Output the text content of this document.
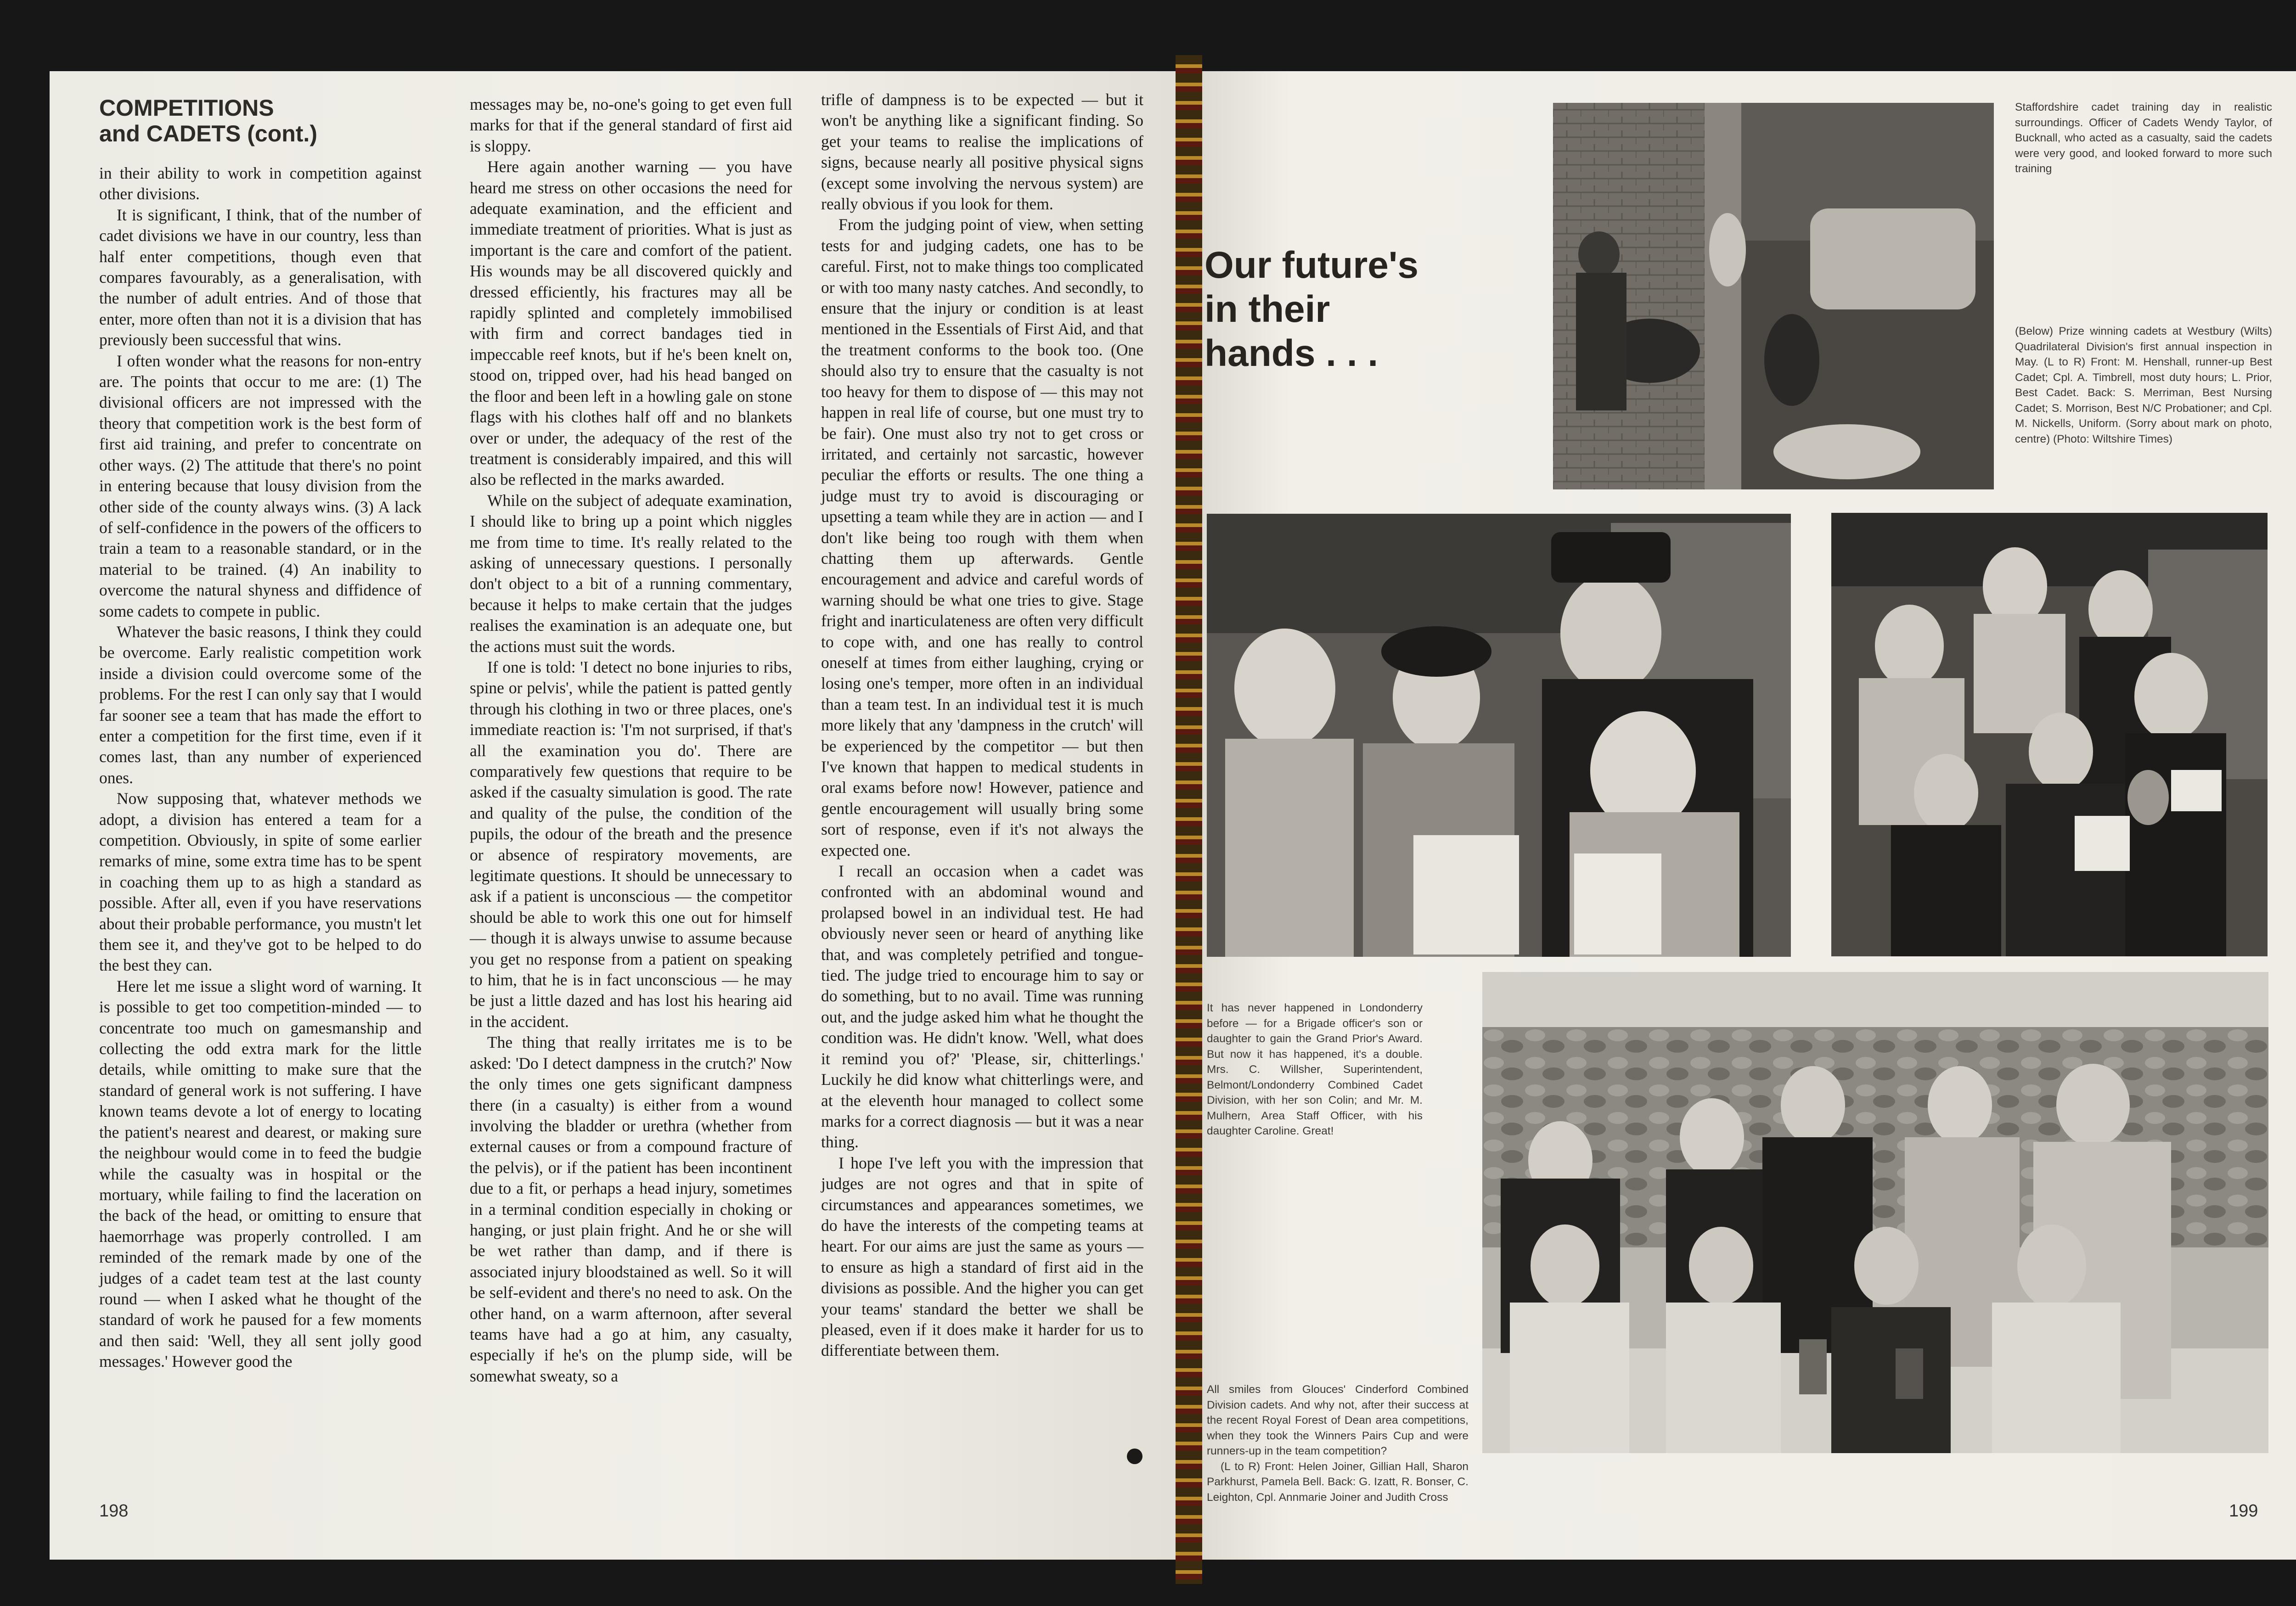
COMPETITIONS
and CADETS (cont.)

in their ability to work in competition against other divisions.

It is significant, I think, that of the number of cadet divisions we have in our country, less than half enter competitions, though even that compares favourably, as a generalisation, with the number of adult entries. And of those that enter, more often than not it is a division that has previously been successful that wins.

I often wonder what the reasons for non-entry are. The points that occur to me are: (1) The divisional officers are not impressed with the theory that competition work is the best form of first aid training, and prefer to concentrate on other ways. (2) The attitude that there's no point in entering because that lousy division from the other side of the county always wins. (3) A lack of self-confidence in the powers of the officers to train a team to a reasonable standard, or in the material to be trained. (4) An inability to overcome the natural shyness and diffidence of some cadets to compete in public.

Whatever the basic reasons, I think they could be overcome. Early realistic competition work inside a division could overcome some of the problems. For the rest I can only say that I would far sooner see a team that has made the effort to enter a competition for the first time, even if it comes last, than any number of experienced ones.

Now supposing that, whatever methods we adopt, a division has entered a team for a competition. Obviously, in spite of some earlier remarks of mine, some extra time has to be spent in coaching them up to as high a standard as possible. After all, even if you have reservations about their probable performance, you mustn't let them see it, and they've got to be helped to do the best they can.

Here let me issue a slight word of warning. It is possible to get too competition-minded — to concentrate too much on gamesmanship and collecting the odd extra mark for the little details, while omitting to make sure that the standard of general work is not suffering. I have known teams devote a lot of energy to locating the patient's nearest and dearest, or making sure the neighbour would come in to feed the budgie while the casualty was in hospital or the mortuary, while failing to find the laceration on the back of the head, or omitting to ensure that haemorrhage was properly controlled. I am reminded of the remark made by one of the judges of a cadet team test at the last county round — when I asked what he thought of the standard of work he paused for a few moments and then said: 'Well, they all sent jolly good messages.' However good the

messages may be, no-one's going to get even full marks for that if the general standard of first aid is sloppy.

Here again another warning — you have heard me stress on other occasions the need for adequate examination, and the efficient and immediate treatment of priorities. What is just as important is the care and comfort of the patient. His wounds may be all discovered quickly and dressed efficiently, his fractures may all be rapidly splinted and completely immobilised with firm and correct bandages tied in impeccable reef knots, but if he's been knelt on, stood on, tripped over, had his head banged on the floor and been left in a howling gale on stone flags with his clothes half off and no blankets over or under, the adequacy of the rest of the treatment is considerably impaired, and this will also be reflected in the marks awarded.

While on the subject of adequate examination, I should like to bring up a point which niggles me from time to time. It's really related to the asking of unnecessary questions. I personally don't object to a bit of a running commentary, because it helps to make certain that the judges realises the examination is an adequate one, but the actions must suit the words.

If one is told: 'I detect no bone injuries to ribs, spine or pelvis', while the patient is patted gently through his clothing in two or three places, one's immediate reaction is: 'I'm not surprised, if that's all the examination you do'. There are comparatively few questions that require to be asked if the casualty simulation is good. The rate and quality of the pulse, the condition of the pupils, the odour of the breath and the presence or absence of respiratory movements, are legitimate questions. It should be unnecessary to ask if a patient is unconscious — the competitor should be able to work this one out for himself — though it is always unwise to assume because you get no response from a patient on speaking to him, that he is in fact unconscious — he may be just a little dazed and has lost his hearing aid in the accident.

The thing that really irritates me is to be asked: 'Do I detect dampness in the crutch?' Now the only times one gets significant dampness there (in a casualty) is either from a wound involving the bladder or urethra (whether from external causes or from a compound fracture of the pelvis), or if the patient has been incontinent due to a fit, or perhaps a head injury, sometimes in a terminal condition especially in choking or hanging, or just plain fright. And he or she will be wet rather than damp, and if there is associated injury bloodstained as well. So it will be self-evident and there's no need to ask. On the other hand, on a warm afternoon, after several teams have had a go at him, any casualty, especially if he's on the plump side, will be somewhat sweaty, so a

trifle of dampness is to be expected — but it won't be anything like a significant finding. So get your teams to realise the implications of signs, because nearly all positive physical signs (except some involving the nervous system) are really obvious if you look for them.

From the judging point of view, when setting tests for and judging cadets, one has to be careful. First, not to make things too complicated or with too many nasty catches. And secondly, to ensure that the injury or condition is at least mentioned in the Essentials of First Aid, and that the treatment conforms to the book too. (One should also try to ensure that the casualty is not too heavy for them to dispose of — this may not happen in real life of course, but one must try to be fair). One must also try not to get cross or irritated, and certainly not sarcastic, however peculiar the efforts or results. The one thing a judge must try to avoid is discouraging or upsetting a team while they are in action — and I don't like being too rough with them when chatting them up afterwards. Gentle encouragement and advice and careful words of warning should be what one tries to give. Stage fright and inarticulateness are often very difficult to cope with, and one has really to control oneself at times from either laughing, crying or losing one's temper, more often in an individual than a team test. In an individual test it is much more likely that any 'dampness in the crutch' will be experienced by the competitor — but then I've known that happen to medical students in oral exams before now! However, patience and gentle encouragement will usually bring some sort of response, even if it's not always the expected one.

I recall an occasion when a cadet was confronted with an abdominal wound and prolapsed bowel in an individual test. He had obviously never seen or heard of anything like that, and was completely petrified and tongue-tied. The judge tried to encourage him to say or do something, but to no avail. Time was running out, and the judge asked him what he thought the condition was. He didn't know. 'Well, what does it remind you of?' 'Please, sir, chitterlings.' Luckily he did know what chitterlings were, and at the eleventh hour managed to collect some marks for a correct diagnosis — but it was a near thing.

I hope I've left you with the impression that judges are not ogres and that in spite of circumstances and appearances sometimes, we do have the interests of the competing teams at heart. For our aims are just the same as yours — to ensure as high a standard of first aid in the divisions as possible. And the higher you can get your teams' standard the better we shall be pleased, even if it does make it harder for us to differentiate between them.

198
Our future's
in their
hands . . .
Staffordshire cadet training day in realistic surroundings. Officer of Cadets Wendy Taylor, of Bucknall, who acted as a casualty, said the cadets were very good, and looked forward to more such training
(Below) Prize winning cadets at Westbury (Wilts) Quadrilateral Division's first annual inspection in May. (L to R) Front: M. Henshall, runner-up Best Cadet; Cpl. A. Timbrell, most duty hours; L. Prior, Best Cadet. Back: S. Merriman, Best Nursing Cadet; S. Morrison, Best N/C Probationer; and Cpl. M. Nickells, Uniform. (Sorry about mark on photo, centre) (Photo: Wiltshire Times)
It has never happened in Londonderry before — for a Brigade officer's son or daughter to gain the Grand Prior's Award. But now it has happened, it's a double. Mrs. C. Willsher, Superintendent, Belmont/Londonderry Combined Cadet Division, with her son Colin; and Mr. M. Mulhern, Area Staff Officer, with his daughter Caroline. Great!
All smiles from Glouces' Cinderford Combined Division cadets. And why not, after their success at the recent Royal Forest of Dean area competitions, when they took the Winners Pairs Cup and were runners-up in the team competition?
(L to R) Front: Helen Joiner, Gillian Hall, Sharon Parkhurst, Pamela Bell. Back: G. Izatt, R. Bonser, C. Leighton, Cpl. Annmarie Joiner and Judith Cross
199
